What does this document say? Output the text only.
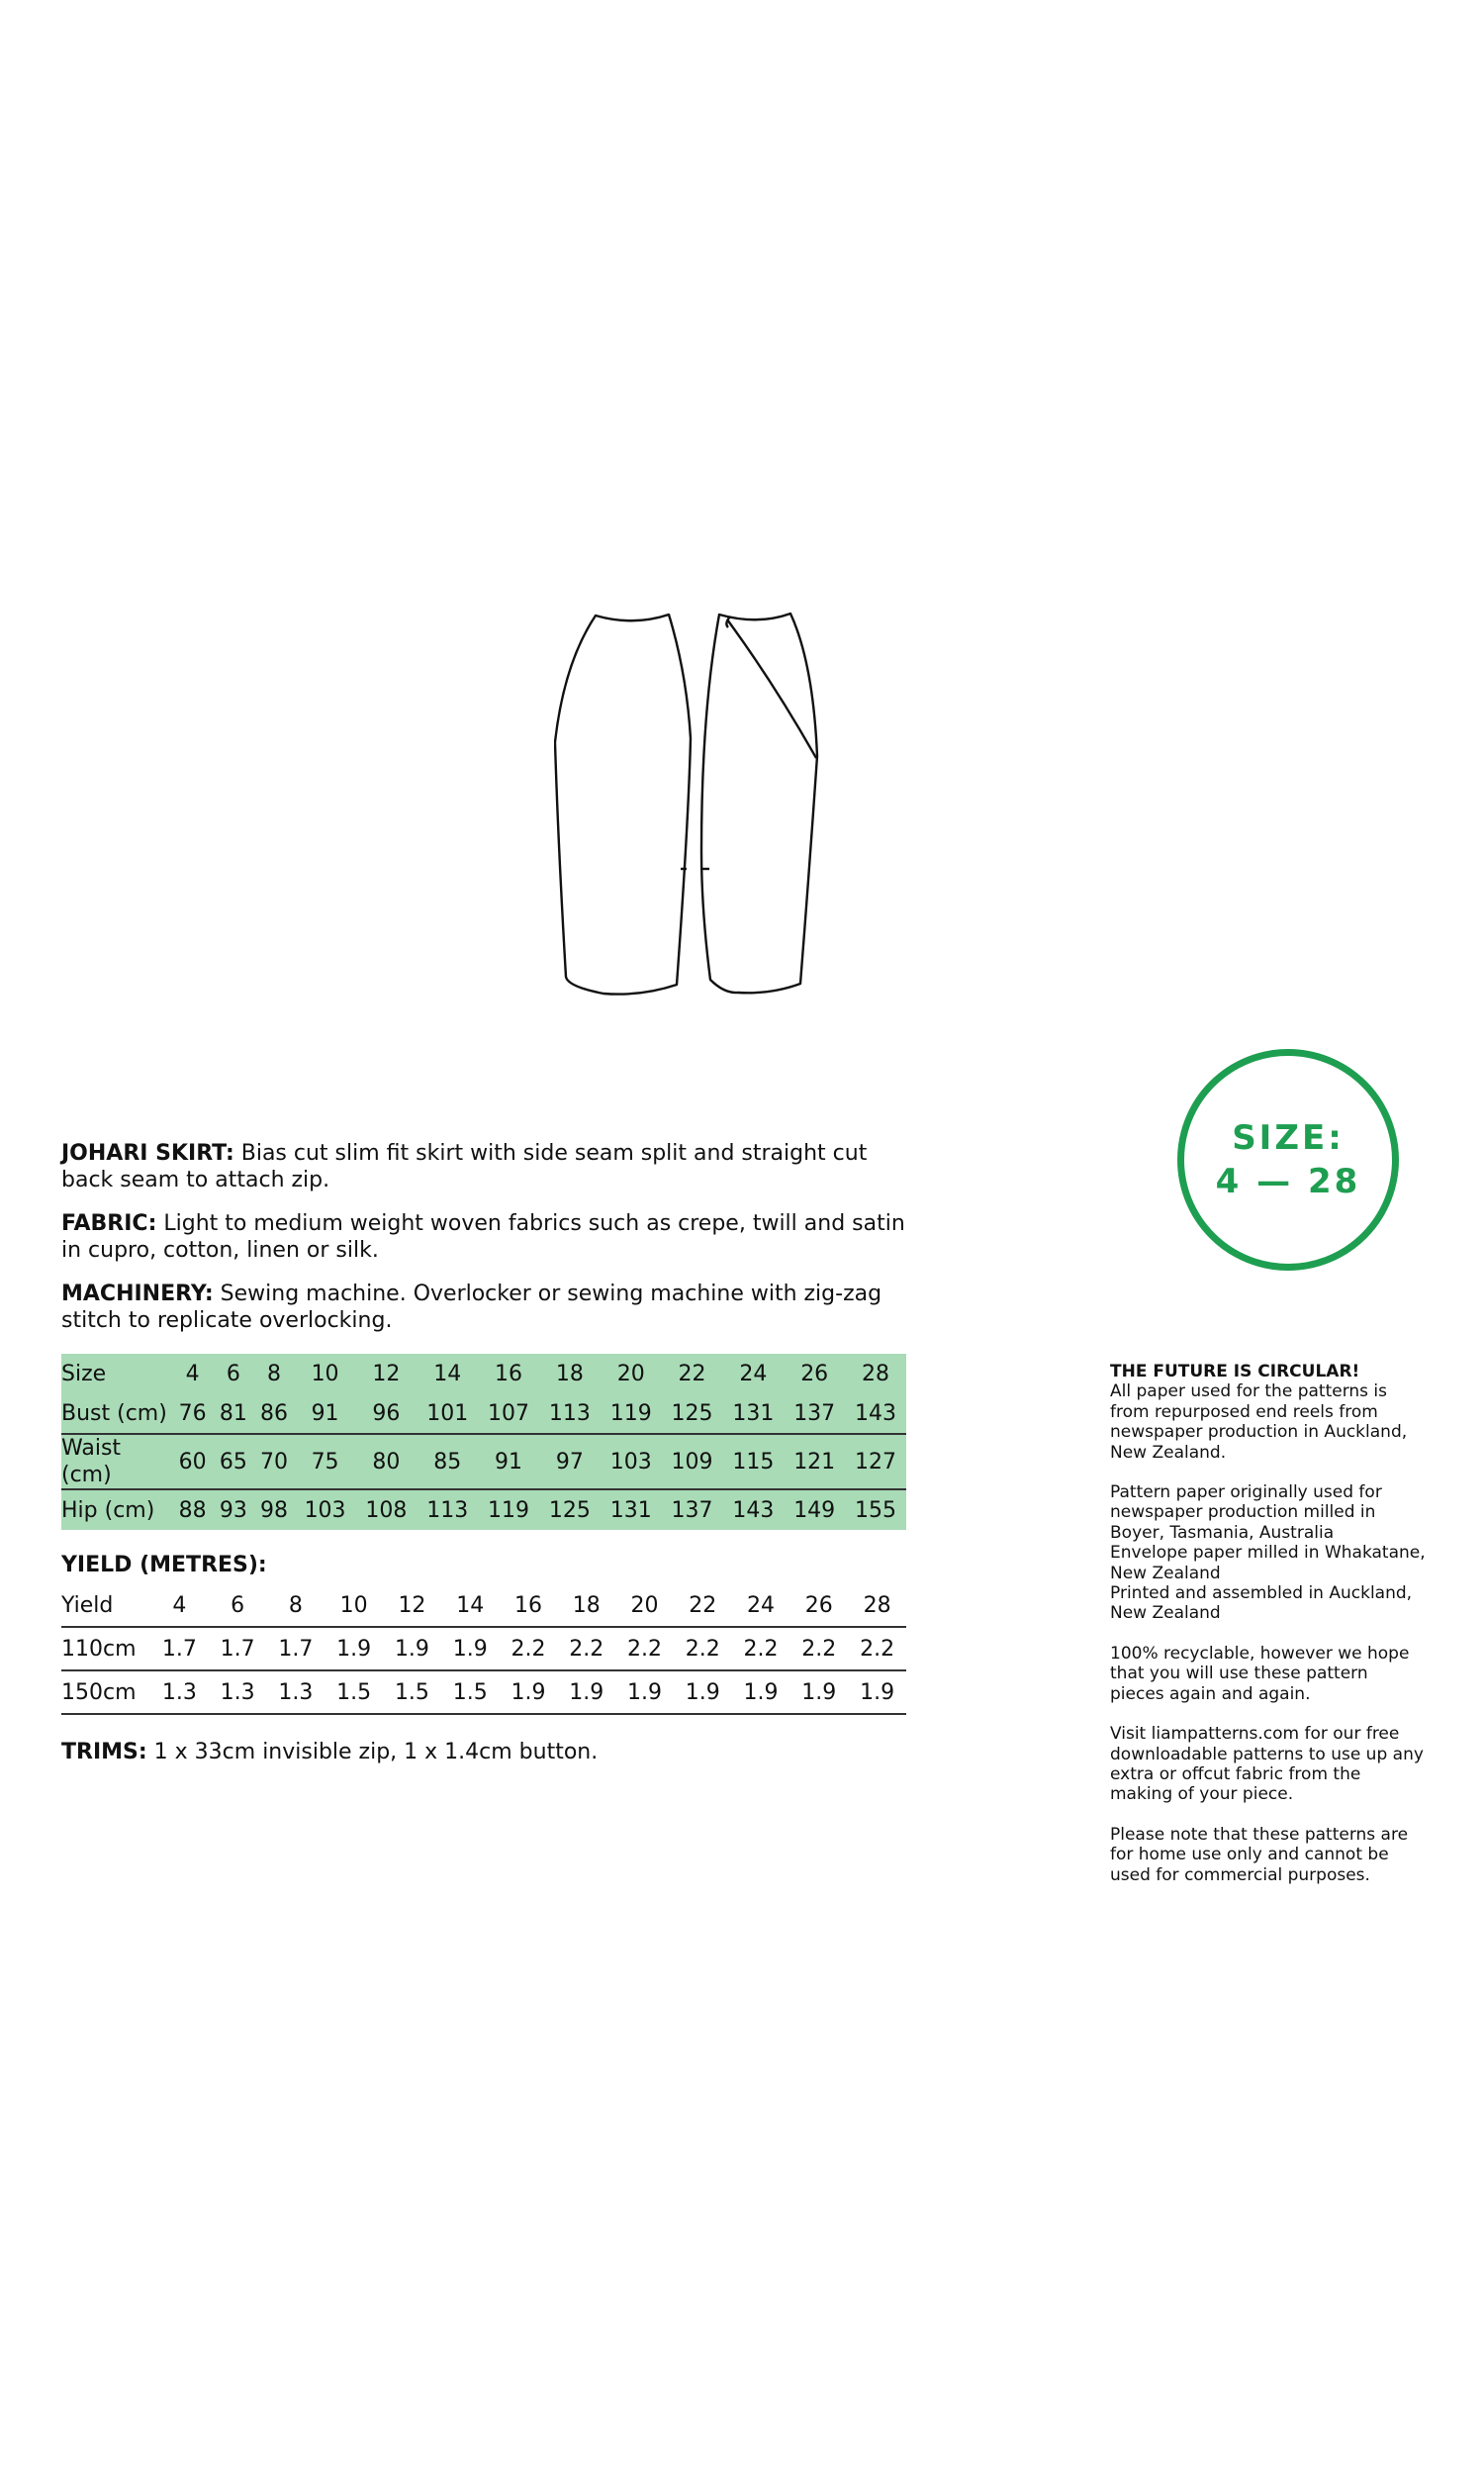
JOHARI SKIRT: Bias cut slim fit skirt with side seam split and straight cut back seam to attach zip.

FABRIC: Light to medium weight woven fabrics such as crepe, twill and satin in cupro, cotton, linen or silk.

MACHINERY: Sewing machine. Overlocker or sewing machine with zig-zag stitch to replicate overlocking.

Size	4	6	8	10	12	14	16	18	20	22	24	26	28
Bust (cm)	76	81	86	91	96	101	107	113	119	125	131	137	143
Waist (cm)	60	65	70	75	80	85	91	97	103	109	115	121	127
Hip (cm)	88	93	98	103	108	113	119	125	131	137	143	149	155
YIELD (METRES):
Yield	4	6	8	10	12	14	16	18	20	22	24	26	28
110cm	1.7	1.7	1.7	1.9	1.9	1.9	2.2	2.2	2.2	2.2	2.2	2.2	2.2
150cm	1.3	1.3	1.3	1.5	1.5	1.5	1.9	1.9	1.9	1.9	1.9	1.9	1.9

TRIMS: 1 x 33cm invisible zip, 1 x 1.4cm button.

SIZE:
4 — 28

THE FUTURE IS CIRCULAR!

All paper used for the patterns is from repurposed end reels from newspaper production in Auckland, New Zealand.

Pattern paper originally used for newspaper production milled in Boyer, Tasmania, Australia
Envelope paper milled in Whakatane, New Zealand
Printed and assembled in Auckland, New Zealand

100% recyclable, however we hope that you will use these pattern pieces again and again.

Visit liampatterns.com for our free downloadable patterns to use up any extra or offcut fabric from the making of your piece.

Please note that these patterns are for home use only and cannot be used for commercial purposes.
